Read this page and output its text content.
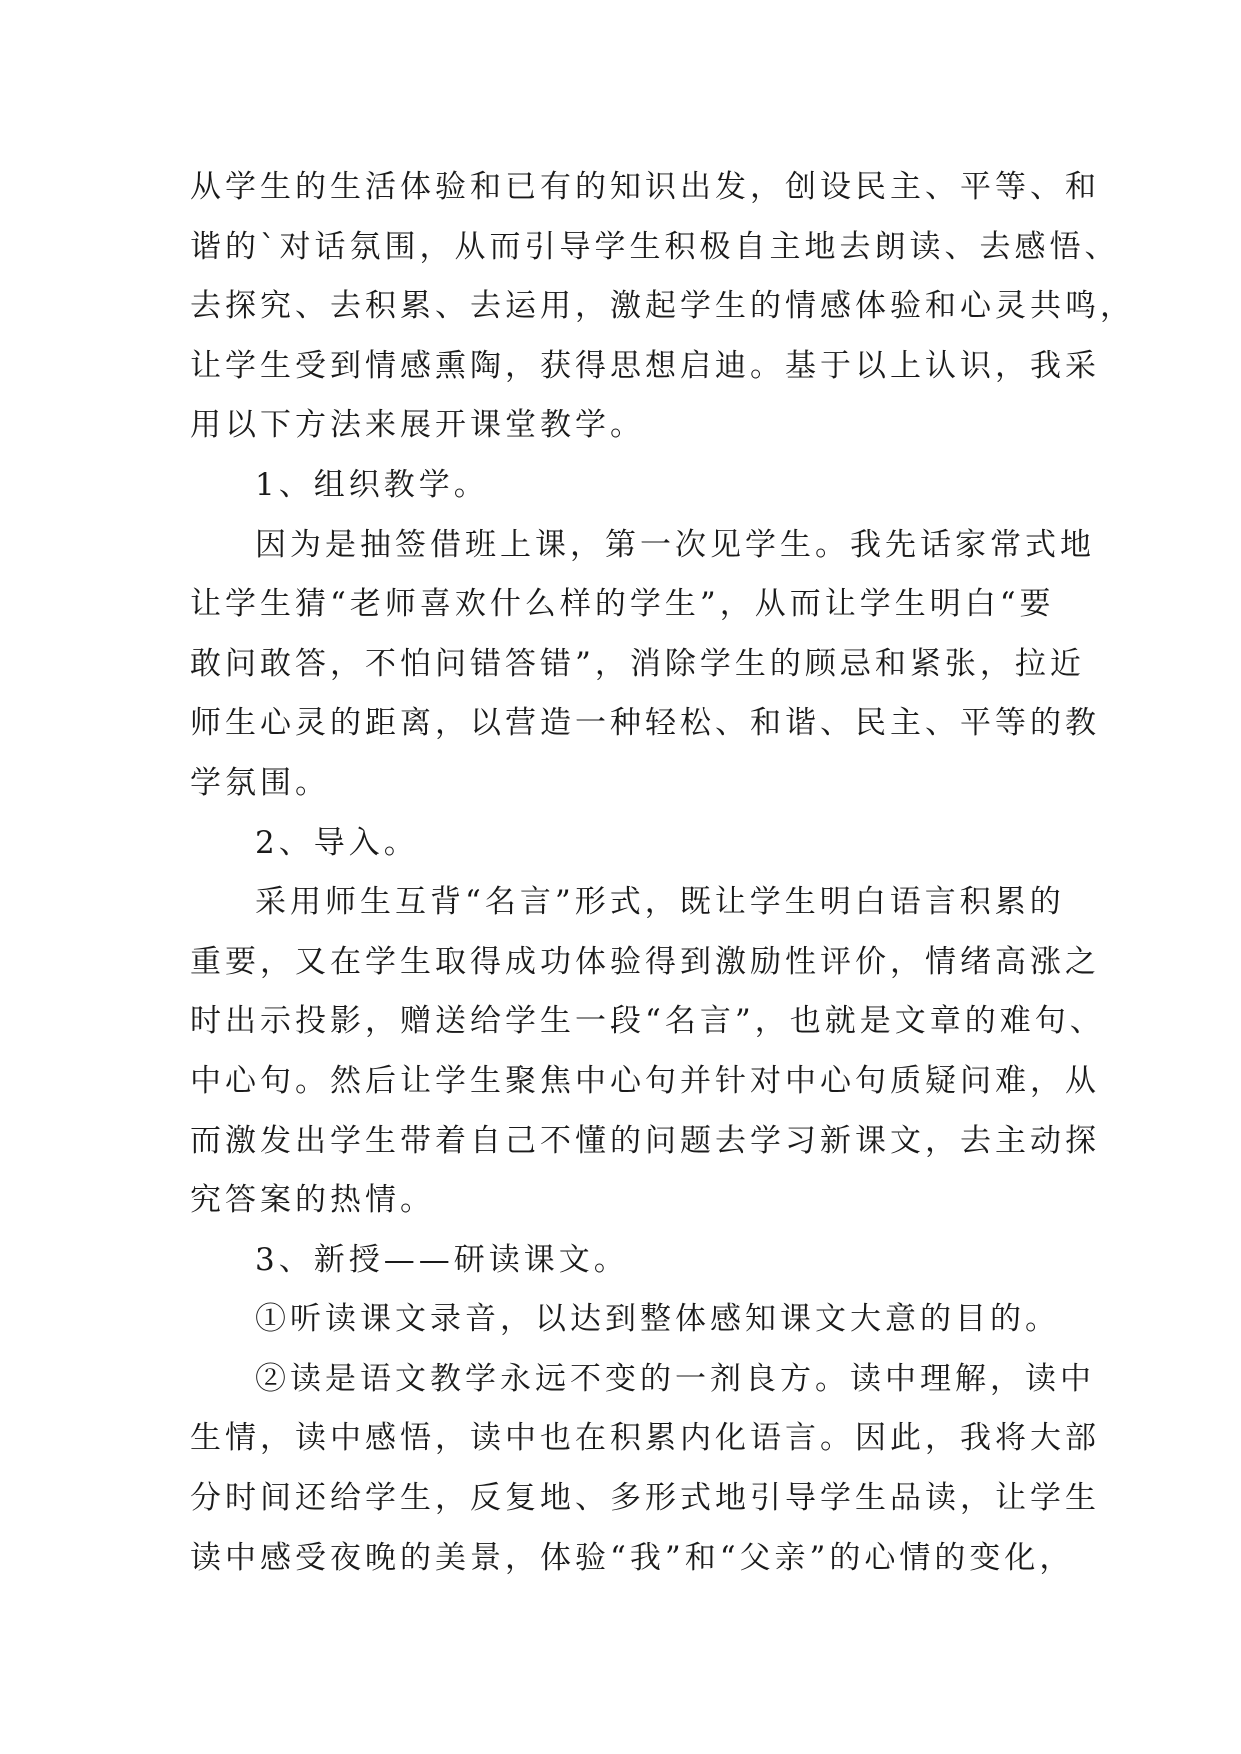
从学生的生活体验和已有的知识出发，创设民主、平等、和
谐的`对话氛围，从而引导学生积极自主地去朗读、去感悟、
去探究、去积累、去运用，激起学生的情感体验和心灵共鸣，
让学生受到情感熏陶，获得思想启迪。基于以上认识，我采
用以下方法来展开课堂教学。
1、组织教学。
因为是抽签借班上课，第一次见学生。我先话家常式地
让学生猜“老师喜欢什么样的学生”，从而让学生明白“要
敢问敢答，不怕问错答错”，消除学生的顾忌和紧张，拉近
师生心灵的距离，以营造一种轻松、和谐、民主、平等的教
学氛围。
2、导入。
采用师生互背“名言”形式，既让学生明白语言积累的
重要，又在学生取得成功体验得到激励性评价，情绪高涨之
时出示投影，赠送给学生一段“名言”，也就是文章的难句、
中心句。然后让学生聚焦中心句并针对中心句质疑问难，从
而激发出学生带着自己不懂的问题去学习新课文，去主动探
究答案的热情。
3、新授——研读课文。
①听读课文录音，以达到整体感知课文大意的目的。
②读是语文教学永远不变的一剂良方。读中理解，读中
生情，读中感悟，读中也在积累内化语言。因此，我将大部
分时间还给学生，反复地、多形式地引导学生品读，让学生
读中感受夜晚的美景，体验“我”和“父亲”的心情的变化，
